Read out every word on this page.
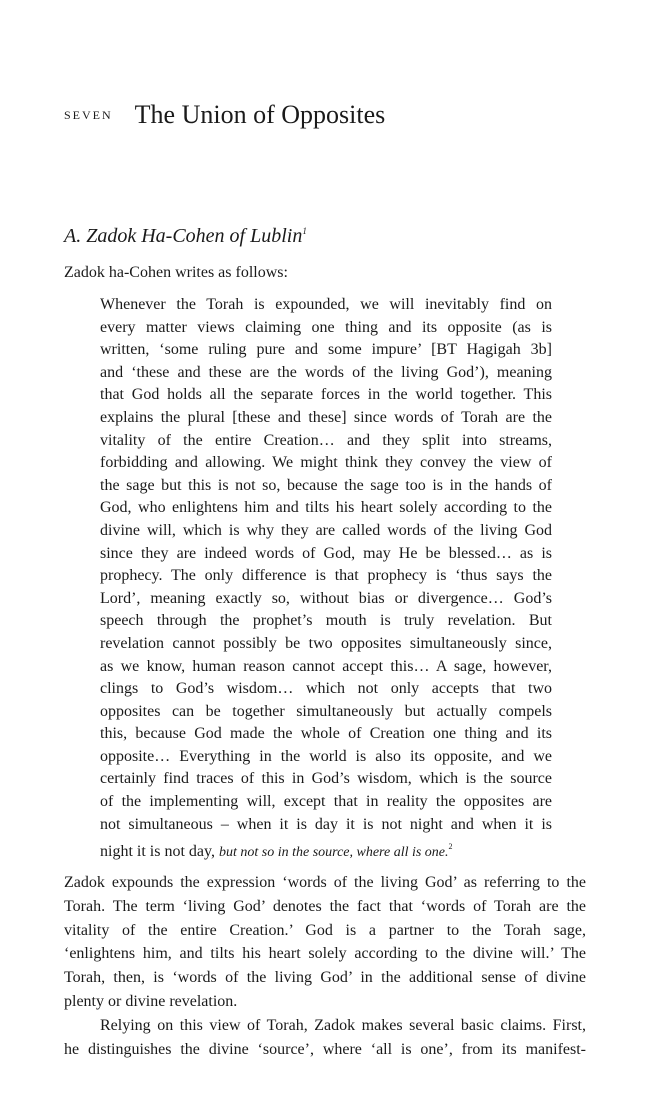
SEVEN The Union of Opposites
A. Zadok Ha-Cohen of Lublin$^1$
Zadok ha-Cohen writes as follows:
Whenever the Torah is expounded, we will inevitably find on
every matter views claiming one thing and its opposite (as is
written, ‘some ruling pure and some impure’ [BT Hagigah 3b]
and ‘these and these are the words of the living God’), meaning
that God holds all the separate forces in the world together. This
explains the plural [these and these] since words of Torah are the
vitality of the entire Creation… and they split into streams,
forbidding and allowing. We might think they convey the view of
the sage but this is not so, because the sage too is in the hands of
God, who enlightens him and tilts his heart solely according to the
divine will, which is why they are called words of the living God
since they are indeed words of God, may He be blessed… as is
prophecy. The only difference is that prophecy is ‘thus says the
Lord’, meaning exactly so, without bias or divergence… God’s
speech through the prophet’s mouth is truly revelation. But
revelation cannot possibly be two opposites simultaneously since,
as we know, human reason cannot accept this… A sage, however,
clings to God’s wisdom… which not only accepts that two
opposites can be together simultaneously but actually compels
this, because God made the whole of Creation one thing and its
opposite… Everything in the world is also its opposite, and we
certainly find traces of this in God’s wisdom, which is the source
of the implementing will, except that in reality the opposites are
not simultaneous – when it is day it is not night and when it is
night it is not day, but not so in the source, where all is one.$^2$
Zadok expounds the expression ‘words of the living God’ as referring to the
Torah. The term ‘living God’ denotes the fact that ‘words of Torah are the
vitality of the entire Creation.’ God is a partner to the Torah sage,
‘enlightens him, and tilts his heart solely according to the divine will.’ The
Torah, then, is ‘words of the living God’ in the additional sense of divine
plenty or divine revelation.
Relying on this view of Torah, Zadok makes several basic claims. First,
he distinguishes the divine ‘source’, where ‘all is one’, from its manifest-
